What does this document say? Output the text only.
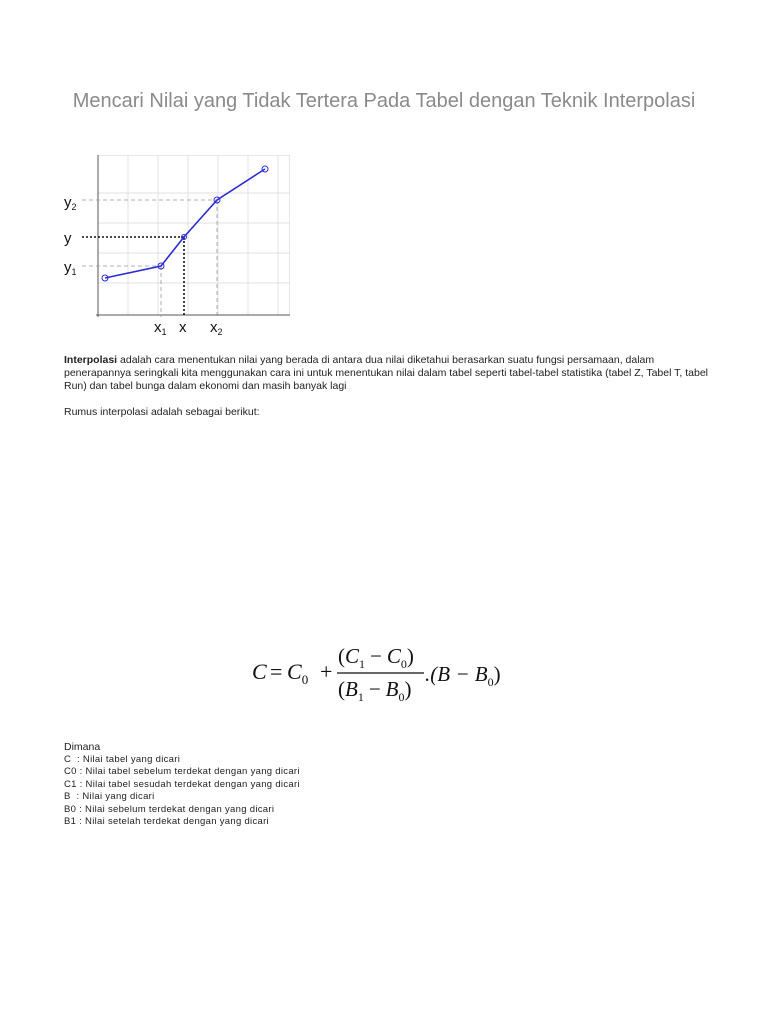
Mencari Nilai yang Tidak Tertera Pada Tabel dengan Teknik Interpolasi
$y_2$
y
$y_1$
$x_1$ x $x_2$
Interpolasi adalah cara menentukan nilai yang berada di antara dua nilai diketahui berasarkan suatu fungsi persamaan, dalam penerapannya seringkali kita menggunakan cara ini untuk menentukan nilai dalam tabel seperti tabel-tabel statistika (tabel Z, Tabel T, tabel Run) dan tabel bunga dalam ekonomi dan masih banyak lagi
Rumus interpolasi adalah sebagai berikut:
$C = C_0$ +
$(C_1 - C_0)$
$(B_1 - B_0)$
$.(B - B_0)$
Dimana
C  : Nilai tabel yang dicari
C0 : Nilai tabel sebelum terdekat dengan yang dicari
C1 : Nilai tabel sesudah terdekat dengan yang dicari
B  : Nilai yang dicari
B0 : Nilai sebelum terdekat dengan yang dicari
B1 : Nilai setelah terdekat dengan yang dicari
